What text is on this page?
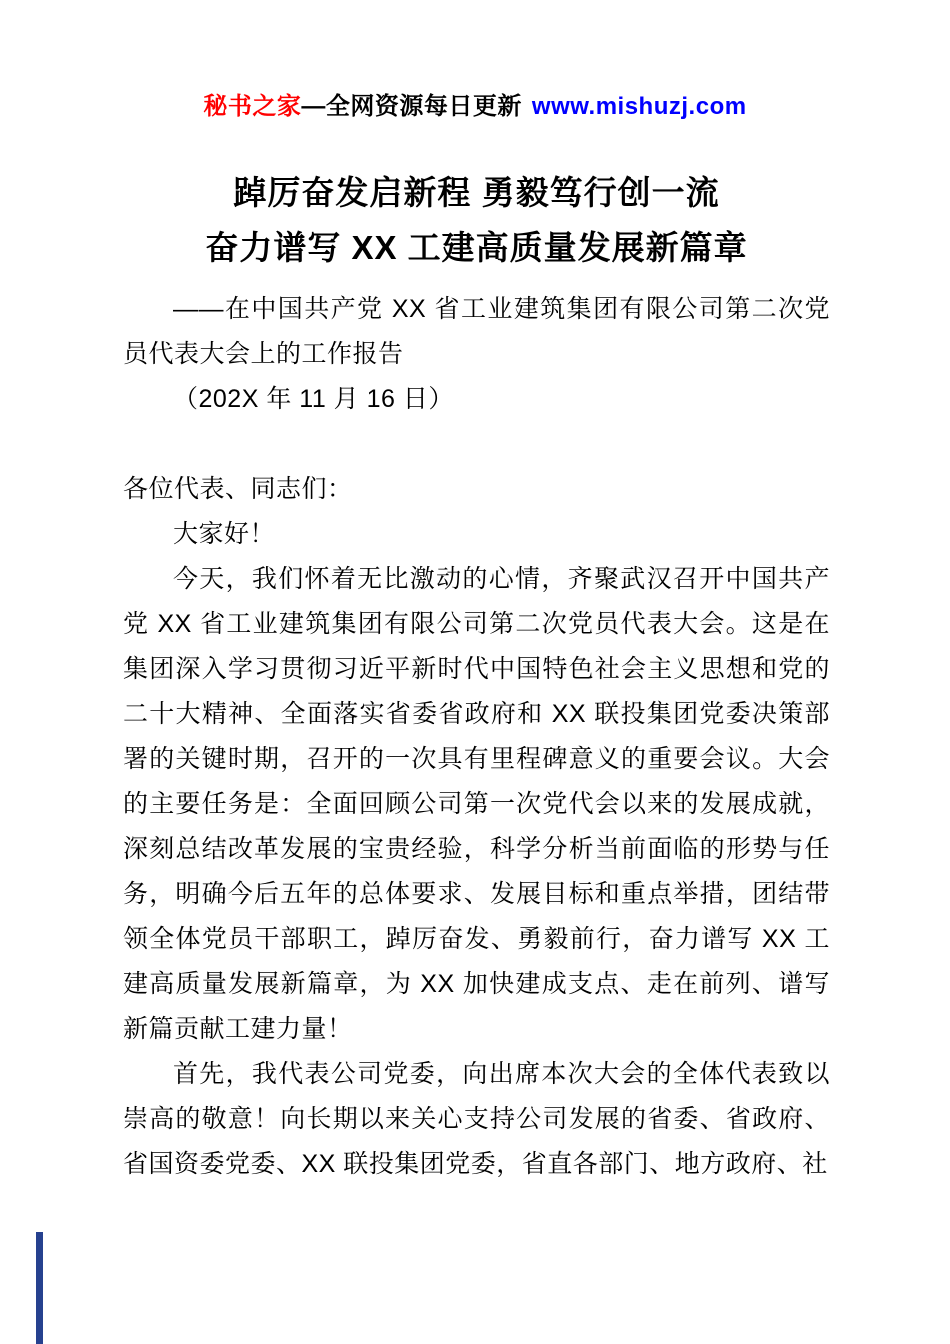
秘书之家—全网资源每日更新 www.mishuzj.com
踔厉奋发启新程 勇毅笃行创一流
奋力谱写 XX 工建高质量发展新篇章

——在中国共产党 XX 省工业建筑集团有限公司第二次党员代表大会上的工作报告

（202X 年 11 月 16 日）

各位代表、同志们：

大家好！

今天，我们怀着无比激动的心情，齐聚武汉召开中国共产党 XX 省工业建筑集团有限公司第二次党员代表大会。这是在集团深入学习贯彻习近平新时代中国特色社会主义思想和党的二十大精神、全面落实省委省政府和 XX 联投集团党委决策部署的关键时期，召开的一次具有里程碑意义的重要会议。大会的主要任务是：全面回顾公司第一次党代会以来的发展成就，深刻总结改革发展的宝贵经验，科学分析当前面临的形势与任务，明确今后五年的总体要求、发展目标和重点举措，团结带领全体党员干部职工，踔厉奋发、勇毅前行，奋力谱写 XX 工建高质量发展新篇章，为 XX 加快建成支点、走在前列、谱写新篇贡献工建力量！

首先，我代表公司党委，向出席本次大会的全体代表致以崇高的敬意！向长期以来关心支持公司发展的省委、省政府、省国资委党委、XX 联投集团党委，省直各部门、地方政府、社
